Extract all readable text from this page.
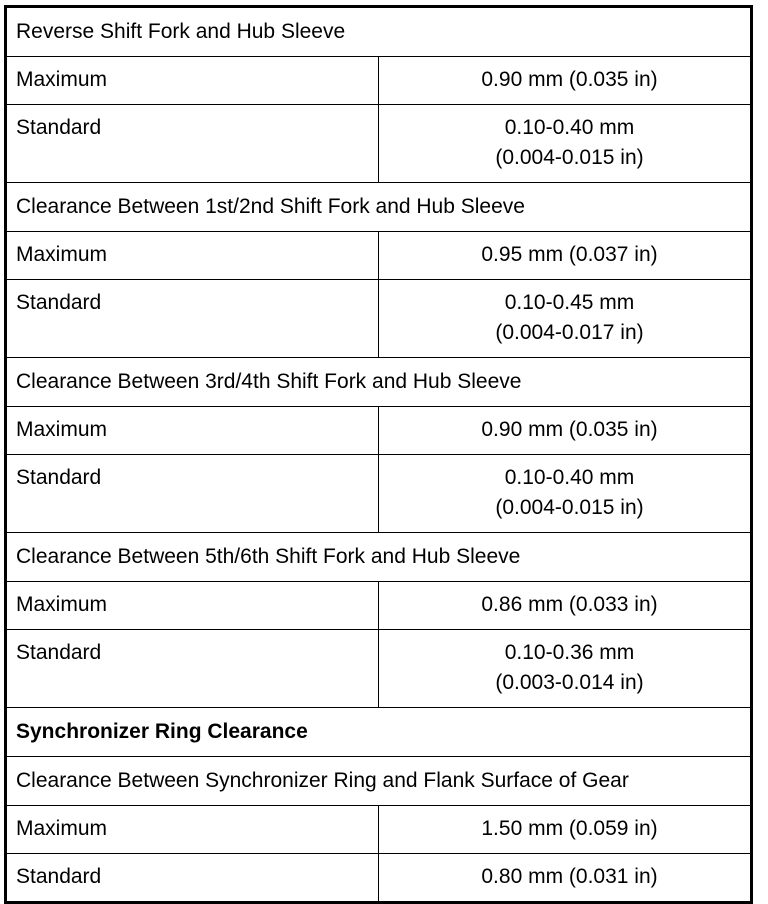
Reverse Shift Fork and Hub Sleeve	
Maximum	0.90 mm (0.035 in)
Standard	0.10-0.40 mm
(0.004-0.015 in)

Clearance Between 1st/2nd Shift Fork and Hub Sleeve	
Maximum	0.95 mm (0.037 in)
Standard	0.10-0.45 mm
(0.004-0.017 in)

Clearance Between 3rd/4th Shift Fork and Hub Sleeve	
Maximum	0.90 mm (0.035 in)
Standard	0.10-0.40 mm
(0.004-0.015 in)

Clearance Between 5th/6th Shift Fork and Hub Sleeve	
Maximum	0.86 mm (0.033 in)
Standard	0.10-0.36 mm
(0.003-0.014 in)

Synchronizer Ring Clearance	
Clearance Between Synchronizer Ring and Flank Surface of Gear	
Maximum	1.50 mm (0.059 in)
Standard	0.80 mm (0.031 in)
